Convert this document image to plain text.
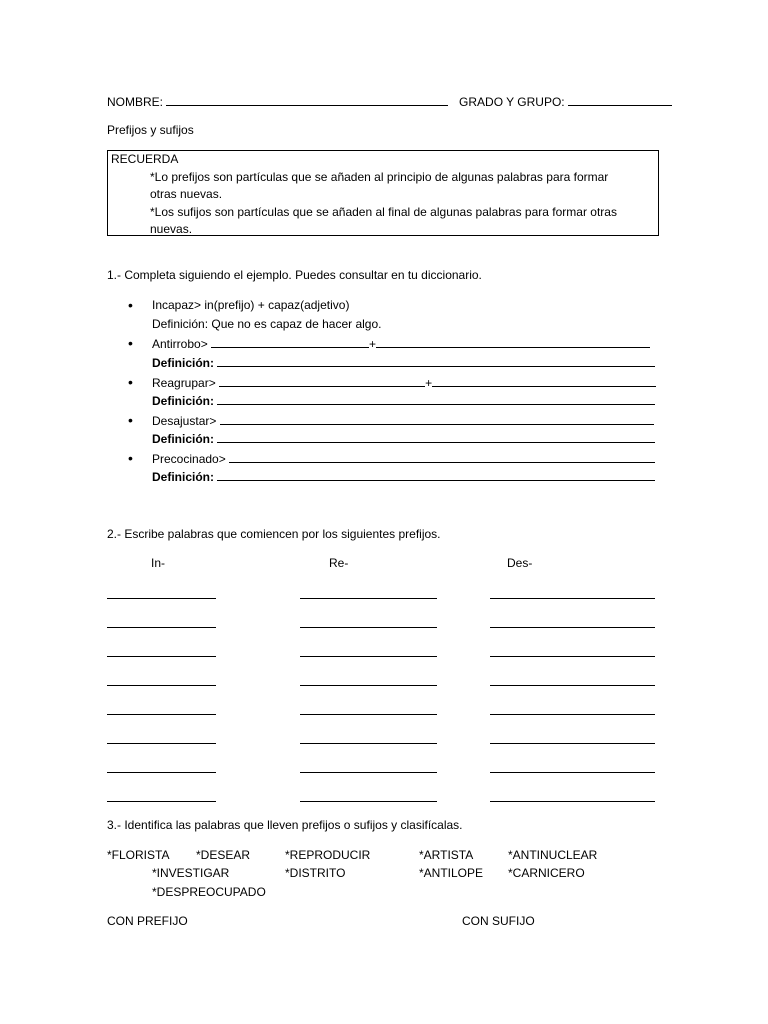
NOMBRE:	GRADO Y GRUPO:
Prefijos y sufijos
RECUERDA
*Lo prefijos son partículas que se añaden al principio de algunas palabras para formar
otras nuevas.
*Los sufijos son partículas que se añaden al final de algunas palabras para formar otras
nuevas.
1.- Completa siguiendo el ejemplo. Puedes consultar en tu diccionario.
• Incapaz> in(prefijo) + capaz(adjetivo)
Definición: Que no es capaz de hacer algo.
• Antirrobo>	+
Definición:
• Reagrupar>	+
Definición:
• Desajustar>
Definición:
• Precocinado>
Definición:
2.- Escribe palabras que comiencen por los siguientes prefijos.
In-	Re-	Des-
3.- Identifica las palabras que lleven prefijos o sufijos y clasifícalas.
*FLORISTA *DESEAR	*REPRODUCIR	*ARTISTA	*ANTINUCLEAR
*INVESTIGAR	*DISTRITO	*ANTILOPE *CARNICERO
*DESPREOCUPADO
CON PREFIJO	CON SUFIJO
